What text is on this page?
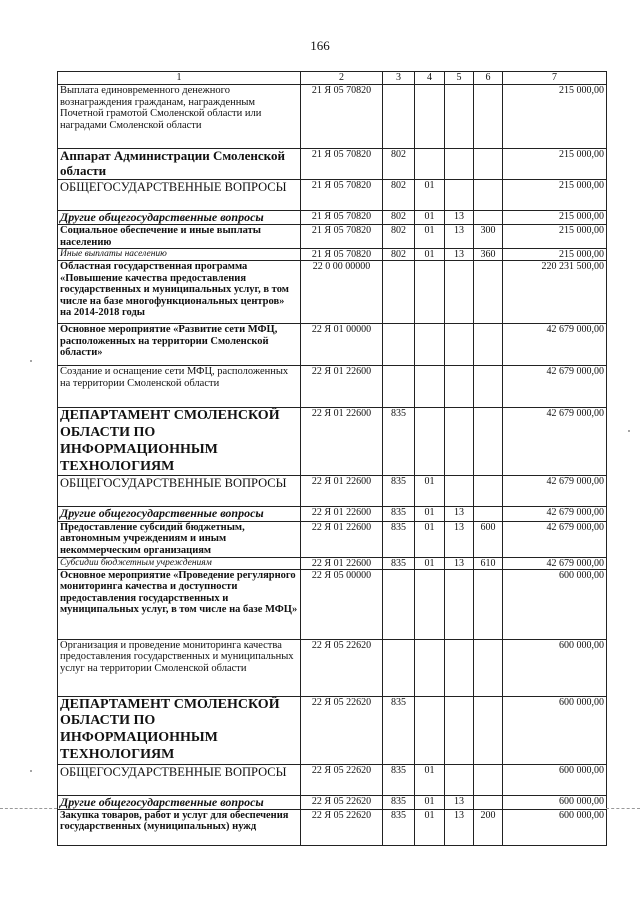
166
1	2	3	4	5	6	7
Выплата единовременного денежного вознаграждения гражданам, награжденным Почетной грамотой Смоленской области или наградами Смоленской области	21 Я 05 70820					215 000,00
Аппарат Администрации Смоленской области	21 Я 05 70820	802				215 000,00
ОБЩЕГОСУДАРСТВЕННЫЕ ВОПРОСЫ	21 Я 05 70820	802	01			215 000,00
Другие общегосударственные вопросы	21 Я 05 70820	802	01	13		215 000,00
Социальное обеспечение и иные выплаты населению	21 Я 05 70820	802	01	13	300	215 000,00
Иные выплаты населению	21 Я 05 70820	802	01	13	360	215 000,00
Областная государственная программа «Повышение качества предоставления государственных и муниципальных услуг, в том числе на базе многофункциональных центров» на 2014-2018 годы	22 0 00 00000					220 231 500,00
Основное мероприятие «Развитие сети МФЦ, расположенных на территории Смоленской области»	22 Я 01 00000					42 679 000,00
Создание и оснащение сети МФЦ, расположенных на территории Смоленской области	22 Я 01 22600					42 679 000,00
ДЕПАРТАМЕНТ СМОЛЕНСКОЙ ОБЛАСТИ ПО ИНФОРМАЦИОННЫМ ТЕХНОЛОГИЯМ	22 Я 01 22600	835				42 679 000,00
ОБЩЕГОСУДАРСТВЕННЫЕ ВОПРОСЫ	22 Я 01 22600	835	01			42 679 000,00
Другие общегосударственные вопросы	22 Я 01 22600	835	01	13		42 679 000,00
Предоставление субсидий бюджетным, автономным учреждениям и иным некоммерческим организациям	22 Я 01 22600	835	01	13	600	42 679 000,00
Субсидии бюджетным учреждениям	22 Я 01 22600	835	01	13	610	42 679 000,00
Основное мероприятие «Проведение регулярного мониторинга качества и доступности предоставления государственных и муниципальных услуг, в том числе на базе МФЦ»	22 Я 05 00000					600 000,00
Организация и проведение мониторинга качества предоставления государственных и муниципальных услуг на территории Смоленской области	22 Я 05 22620					600 000,00
ДЕПАРТАМЕНТ СМОЛЕНСКОЙ ОБЛАСТИ ПО ИНФОРМАЦИОННЫМ ТЕХНОЛОГИЯМ	22 Я 05 22620	835				600 000,00
ОБЩЕГОСУДАРСТВЕННЫЕ ВОПРОСЫ	22 Я 05 22620	835	01			600 000,00
Другие общегосударственные вопросы	22 Я 05 22620	835	01	13		600 000,00
Закупка товаров, работ и услуг для обеспечения государственных (муниципальных) нужд	22 Я 05 22620	835	01	13	200	600 000,00
